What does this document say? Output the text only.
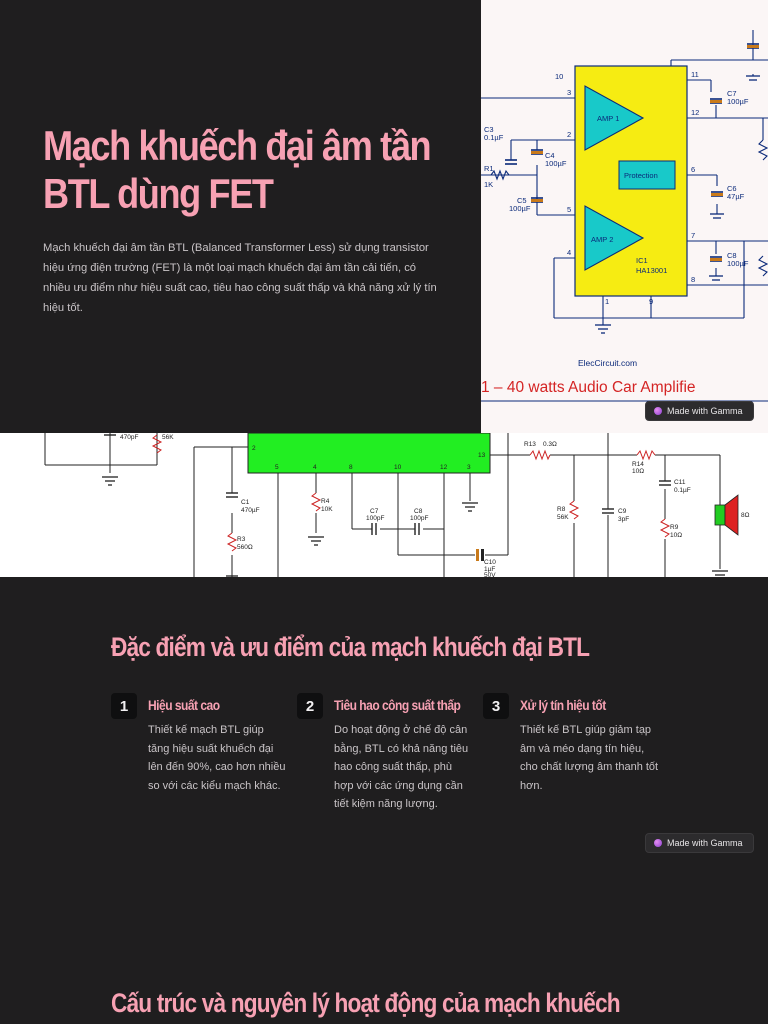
Mạch khuếch đại âm tần BTL dùng FET

Mạch khuếch đại âm tần BTL (Balanced Transformer Less) sử dụng transistor hiệu ứng điện trường (FET) là một loại mạch khuếch đại âm tần cải tiến, có nhiều ưu điểm như hiệu suất cao, tiêu hao công suất thấp và khả năng xử lý tín hiệu tốt.

10	11
3
12
2
6
5
7
4
8
1	9
AMP 1
AMP 2
Protection
IC1
HA13001
C3
0.1µF
R1
1K
C4
100µF
C5
100µF
C7
100µF
C6
47µF
C8
100µF
ElecCircuit.com
1 – 40 watts Audio Car Amplifie
Made with Gamma
470pF	56K
2
5	4	8	10	12	3
13
C1
470µF
R3
560Ω
R4
10K	C7
100pF
C8
100pF
C10
1µF
50V
R13 0.3Ω
R14
10Ω
C11
0.1µF
R8
56K
C9
3pF
R9
10Ω
8Ω
Đặc điểm và ưu điểm của mạch khuếch đại BTL
1	Hiệu suất cao
Thiết kế mạch BTL giúp tăng hiệu suất khuếch đại lên đến 90%, cao hơn nhiều so với các kiểu mạch khác.
2	Tiêu hao công suất thấp
Do hoạt động ở chế độ cân bằng, BTL có khả năng tiêu hao công suất thấp, phù hợp với các ứng dụng cần tiết kiệm năng lượng.
3	Xử lý tín hiệu tốt
Thiết kế BTL giúp giảm tạp âm và méo dạng tín hiệu, cho chất lượng âm thanh tốt hơn.
Cấu trúc và nguyên lý hoạt động của mạch khuếch
Made with Gamma
